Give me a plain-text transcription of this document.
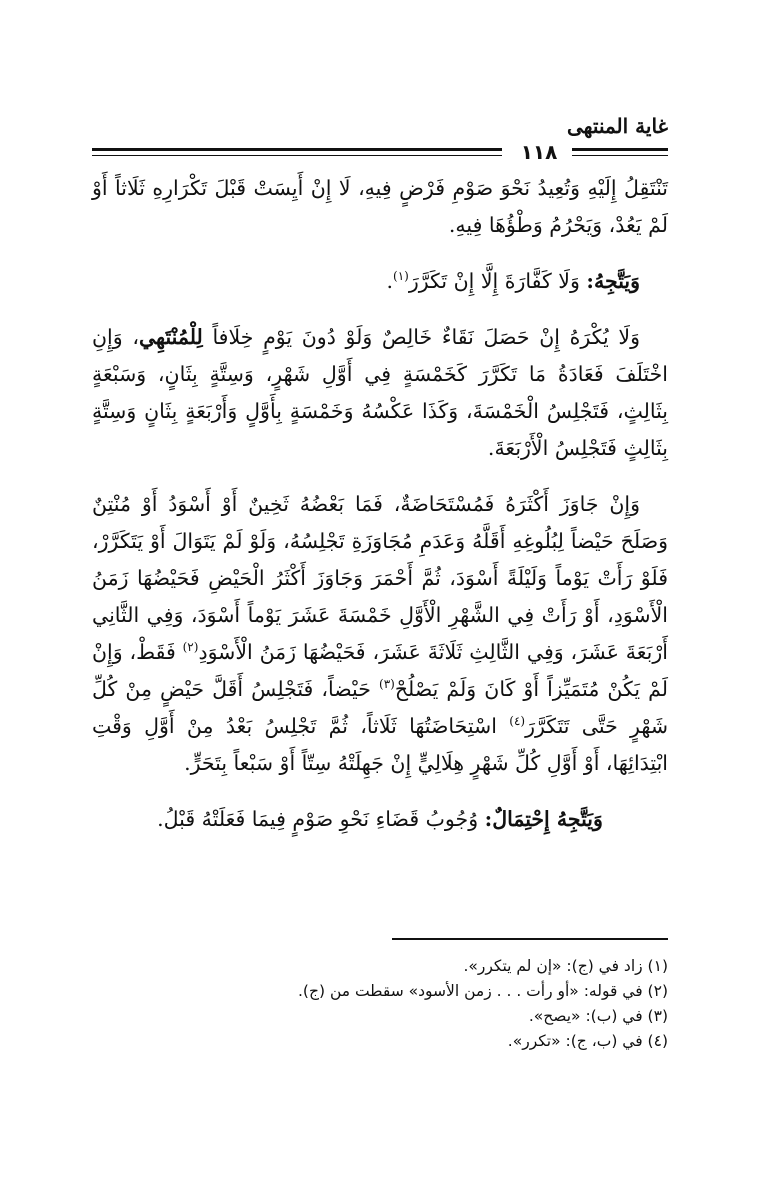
غاية المنتهى
١١٨

تَنْتَقِلُ إِلَيْهِ وَتُعِيدُ نَحْوَ صَوْمِ فَرْضٍ فِيهِ، لَا إِنْ أَيِسَتْ قَبْلَ تَكْرَارِهِ ثَلَاثاً أَوْ لَمْ يَعُدْ، وَيَحْرُمُ وَطْؤُهَا فِيهِ.

وَيَتَّجِهُ: وَلَا كَفَّارَةَ إِلَّا إِنْ تَكَرَّرَ$^{(١)}$.

وَلَا يُكْرَهُ إِنْ حَصَلَ نَقَاءٌ خَالِصٌ وَلَوْ دُونَ يَوْمٍ خِلَافاً لِلْمُنْتَهِي، وَإِنِ اخْتَلَفَ فَعَادَةُ مَا تَكَرَّرَ كَخَمْسَةٍ فِي أَوَّلِ شَهْرٍ، وَسِتَّةٍ بِثَانٍ، وَسَبْعَةٍ بِثَالِثٍ، فَتَجْلِسُ الْخَمْسَةَ، وَكَذَا عَكْسُهُ وَخَمْسَةٍ بِأَوَّلٍ وَأَرْبَعَةٍ بِثَانٍ وَسِتَّةٍ بِثَالِثٍ فَتَجْلِسُ الْأَرْبَعَةَ.

وَإِنْ جَاوَزَ أَكْثَرَهُ فَمُسْتَحَاضَةٌ، فَمَا بَعْضُهُ ثَخِينٌ أَوْ أَسْوَدُ أَوْ مُنْتِنٌ وَصَلَحَ حَيْضاً لِبُلُوغِهِ أَقَلَّهُ وَعَدَمِ مُجَاوَزَةِ تَجْلِسُهُ، وَلَوْ لَمْ يَتَوَالَ أَوْ يَتَكَرَّرْ، فَلَوْ رَأَتْ يَوْماً وَلَيْلَةً أَسْوَدَ، ثُمَّ أَحْمَرَ وَجَاوَزَ أَكْثَرُ الْحَيْضِ فَحَيْضُهَا زَمَنُ الْأَسْوَدِ، أَوْ رَأَتْ فِي الشَّهْرِ الْأَوَّلِ خَمْسَةَ عَشَرَ يَوْماً أَسْوَدَ، وَفِي الثَّانِي أَرْبَعَةَ عَشَرَ، وَفِي الثَّالِثِ ثَلَاثَةَ عَشَرَ، فَحَيْضُهَا زَمَنُ الْأَسْوَدِ$^{(٢)}$ فَقَطْ، وَإِنْ لَمْ يَكُنْ مُتَمَيِّزاً أَوْ كَانَ وَلَمْ يَصْلُحْ$^{(٣)}$ حَيْضاً، فَتَجْلِسُ أَقَلَّ حَيْضٍ مِنْ كُلِّ شَهْرٍ حَتَّى تَتَكَرَّرَ$^{(٤)}$ اسْتِحَاضَتُهَا ثَلَاثاً، ثُمَّ تَجْلِسُ بَعْدُ مِنْ أَوَّلِ وَقْتِ ابْتِدَائِهَا، أَوْ أَوَّلِ كُلِّ شَهْرٍ هِلَالِيٍّ إِنْ جَهِلَتْهُ سِتّاً أَوْ سَبْعاً بِتَحَرٍّ.

وَيَتَّجِهُ إِحْتِمَالٌ: وُجُوبُ قَضَاءِ نَحْوِ صَوْمٍ فِيمَا فَعَلَتْهُ قَبْلُ.

(١) زاد في (ج): «إن لم يتكرر».
(٢) في قوله: «أو رأت . . . زمن الأسود» سقطت من (ج).
(٣) في (ب): «يصح».
(٤) في (ب، ج): «تكرر».
